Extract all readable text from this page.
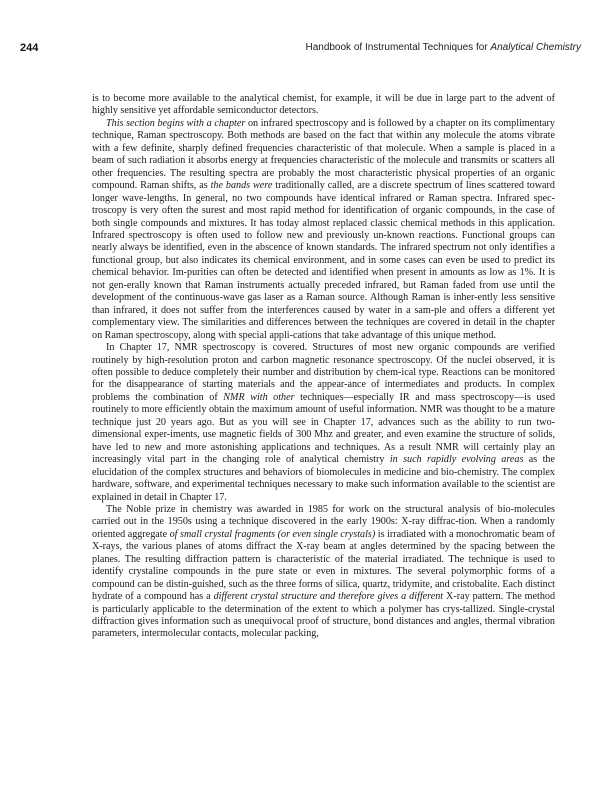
244	Handbook of Instrumental Techniques for Analytical Chemistry

is to become more available to the analytical chemist, for example, it will be due in large part to the advent of highly sensitive yet affordable semiconductor detectors.

This section begins with a chapter on infrared spectroscopy and is followed by a chapter on its complimentary technique, Raman spectroscopy. Both methods are based on the fact that within any molecule the atoms vibrate with a few definite, sharply defined frequencies characteristic of that molecule. When a sample is placed in a beam of such radiation it absorbs energy at frequencies characteristic of the molecule and transmits or scatters all other frequencies. The resulting spectra are probably the most characteristic physical properties of an organic compound. Raman shifts, as the bands were traditionally called, are a discrete spectrum of lines scattered toward longer wave-lengths. In general, no two compounds have identical infrared or Raman spectra. Infrared spec-troscopy is very often the surest and most rapid method for identification of organic compounds, in the case of both single compounds and mixtures. It has today almost replaced classic chemical methods in this application. Infrared spectroscopy is often used to follow new and previously un-known reactions. Functional groups can nearly always be identified, even in the abscence of known standards. The infrared spectrum not only identifies a functional group, but also indicates its chemical environment, and in some cases can even be used to predict its chemical behavior. Im-purities can often be detected and identified when present in amounts as low as 1%. It is not gen-erally known that Raman instruments actually preceded infrared, but Raman faded from use until the development of the continuous-wave gas laser as a Raman source. Although Raman is inher-ently less sensitive than infrared, it does not suffer from the interferences caused by water in a sam-ple and offers a different yet complementary view. The similarities and differences between the techniques are covered in detail in the chapter on Raman spectroscopy, along with special appli-cations that take advantage of this unique method.

In Chapter 17, NMR spectroscopy is covered. Structures of most new organic compounds are verified routinely by high-resolution proton and carbon magnetic resonance spectroscopy. Of the nuclei observed, it is often possible to deduce completely their number and distribution by chem-ical type. Reactions can be monitored for the disappearance of starting materials and the appear-ance of intermediates and products. In complex problems the combination of NMR with other techniques—especially IR and mass spectroscopy—is used routinely to more efficiently obtain the maximum amount of useful information. NMR was thought to be a mature technique just 20 years ago. But as you will see in Chapter 17, advances such as the ability to run two-dimensional exper-iments, use magnetic fields of 300 Mhz and greater, and even examine the structure of solids, have led to new and more astonishing applications and techniques. As a result NMR will certainly play an increasingly vital part in the changing role of analytical chemistry in such rapidly evolving areas as the elucidation of the complex structures and behaviors of biomolecules in medicine and bio-chemistry. The complex hardware, software, and experimental techniques necessary to make such information available to the scientist are explained in detail in Chapter 17.

The Noble prize in chemistry was awarded in 1985 for work on the structural analysis of bio-molecules carried out in the 1950s using a technique discovered in the early 1900s: X-ray diffrac-tion. When a randomly oriented aggregate of small crystal fragments (or even single crystals) is irradiated with a monochromatic beam of X-rays, the various planes of atoms diffract the X-ray beam at angles determined by the spacing between the planes. The resulting diffraction pattern is characteristic of the material irradiated. The technique is used to identify crystaline compounds in the pure state or even in mixtures. The several polymorphic forms of a compound can be distin-guished, such as the three forms of silica, quartz, tridymite, and cristobalite. Each distinct hydrate of a compound has a different crystal structure and therefore gives a different X-ray pattern. The method is particularly applicable to the determination of the extent to which a polymer has crys-tallized. Single-crystal diffraction gives information such as unequivocal proof of structure, bond distances and angles, thermal vibration parameters, intermolecular contacts, molecular packing,
